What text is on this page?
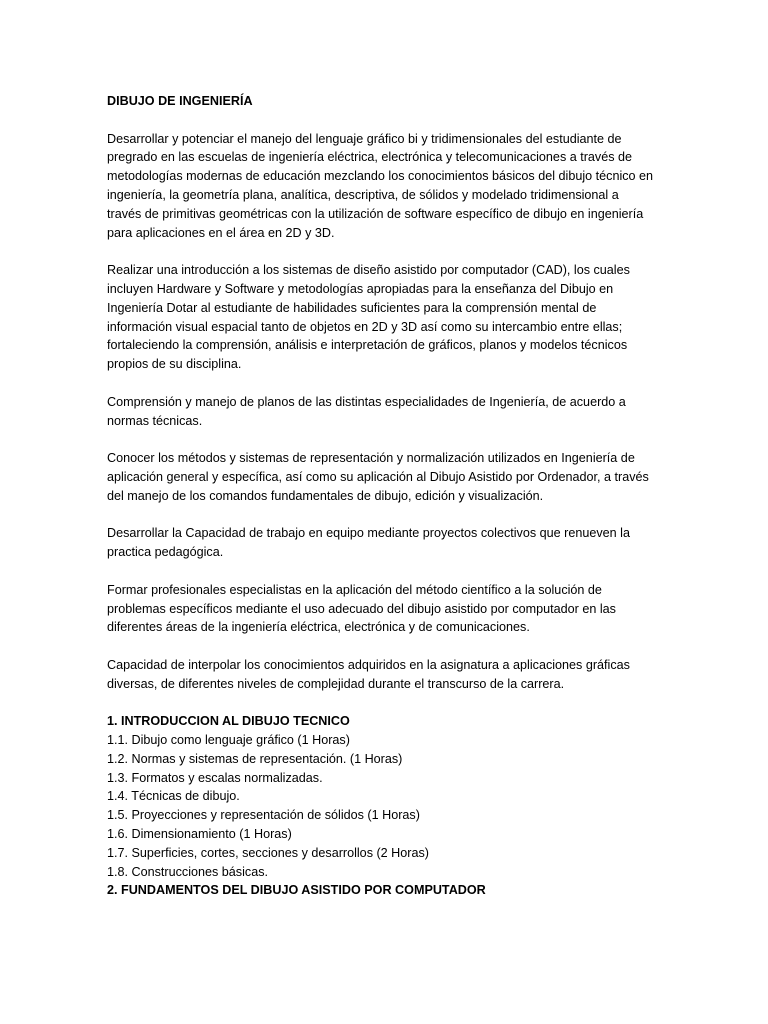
DIBUJO DE INGENIERÍA

Desarrollar y potenciar el manejo del lenguaje gráfico bi y tridimensionales del estudiante de pregrado en las escuelas de ingeniería eléctrica, electrónica y telecomunicaciones a través de metodologías modernas de educación mezclando los conocimientos básicos del dibujo técnico en ingeniería, la geometría plana, analítica, descriptiva, de sólidos y modelado tridimensional a través de primitivas geométricas con la utilización de software específico de dibujo en ingeniería para aplicaciones en el área en 2D y 3D.

Realizar una introducción a los sistemas de diseño asistido por computador (CAD), los cuales incluyen Hardware y Software y metodologías apropiadas para la enseñanza del Dibujo en Ingeniería Dotar al estudiante de habilidades suficientes para la comprensión mental de información visual espacial tanto de objetos en 2D y 3D así como su intercambio entre ellas; fortaleciendo la comprensión, análisis e interpretación de gráficos, planos y modelos técnicos propios de su disciplina.

Comprensión y manejo de planos de las distintas especialidades de Ingeniería, de acuerdo a normas técnicas.

Conocer los métodos y sistemas de representación y normalización utilizados en Ingeniería de aplicación general y específica, así como su aplicación al Dibujo Asistido por Ordenador, a través del manejo de los comandos fundamentales de dibujo, edición y visualización.

Desarrollar la Capacidad de trabajo en equipo mediante proyectos colectivos que renueven la practica pedagógica.

Formar profesionales especialistas en la aplicación del método científico a la solución de problemas específicos mediante el uso adecuado del dibujo asistido por computador en las diferentes áreas de la ingeniería eléctrica, electrónica y de comunicaciones.

Capacidad de interpolar los conocimientos adquiridos en la asignatura a aplicaciones gráficas diversas, de diferentes niveles de complejidad durante el transcurso de la carrera.

1. INTRODUCCION AL DIBUJO TECNICO

1.1. Dibujo como lenguaje gráfico (1 Horas)

1.2. Normas y sistemas de representación. (1 Horas)

1.3. Formatos y escalas normalizadas.

1.4. Técnicas de dibujo.

1.5. Proyecciones y representación de sólidos (1 Horas)

1.6. Dimensionamiento (1 Horas)

1.7. Superficies, cortes, secciones y desarrollos (2 Horas)

1.8. Construcciones básicas.

2. FUNDAMENTOS DEL DIBUJO ASISTIDO POR COMPUTADOR
